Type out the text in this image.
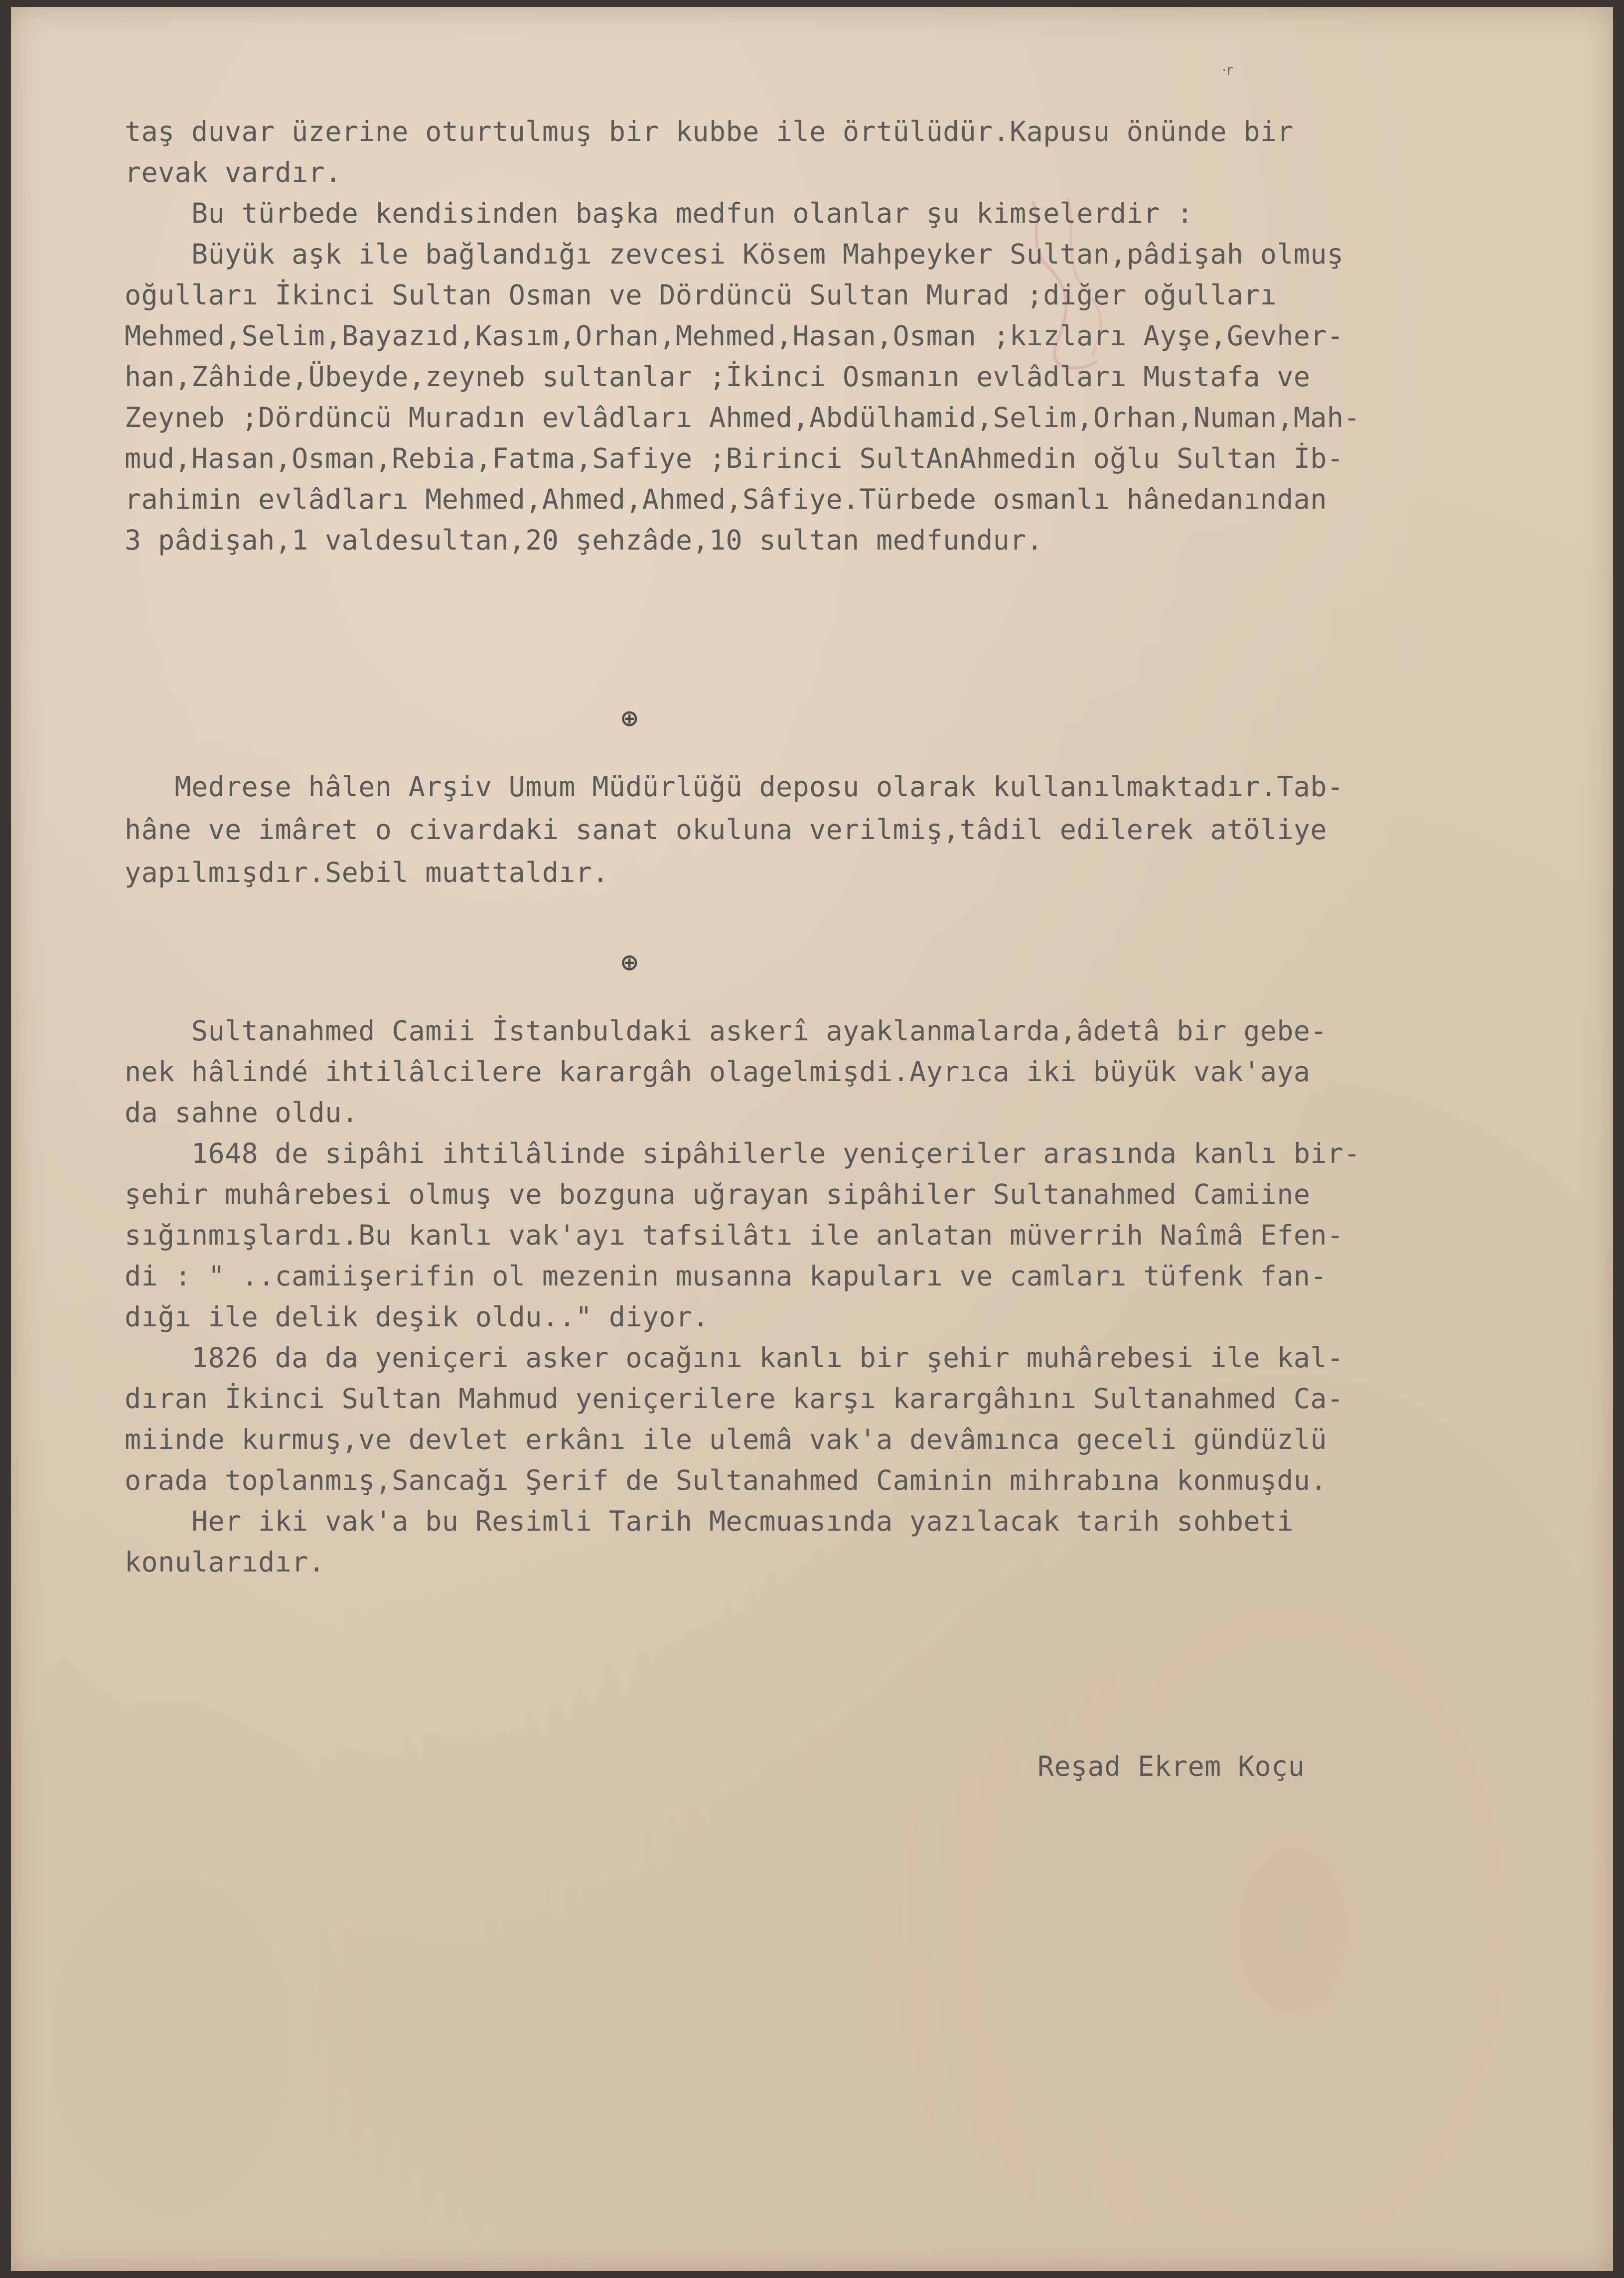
·r
taş duvar üzerine oturtulmuş bir kubbe ile örtülüdür.Kapusu önünde bir
revak vardır.
Bu türbede kendisinden başka medfun olanlar şu kimselerdir :
Büyük aşk ile bağlandığı zevcesi Kösem Mahpeyker Sultan,pâdişah olmuş
oğulları İkinci Sultan Osman ve Dördüncü Sultan Murad ;diğer oğulları
Mehmed,Selim,Bayazıd,Kasım,Orhan,Mehmed,Hasan,Osman ;kızları Ayşe,Gevher-
han,Zâhide,Übeyde,zeyneb sultanlar ;İkinci Osmanın evlâdları Mustafa ve
Zeyneb ;Dördüncü Muradın evlâdları Ahmed,Abdülhamid,Selim,Orhan,Numan,Mah-
mud,Hasan,Osman,Rebia,Fatma,Safiye ;Birinci SultAnAhmedin oğlu Sultan İb-
rahimin evlâdları Mehmed,Ahmed,Ahmed,Sâfiye.Türbede osmanlı hânedanından
3 pâdişah,1 valdesultan,20 şehzâde,10 sultan medfundur.
⊕
Medrese hâlen Arşiv Umum Müdürlüğü deposu olarak kullanılmaktadır.Tab-
hâne ve imâret o civardaki sanat okuluna verilmiş,tâdil edilerek atöliye
yapılmışdır.Sebil muattaldır.
⊕
Sultanahmed Camii İstanbuldaki askerî ayaklanmalarda,âdetâ bir gebe-
nek hâlindé ihtilâlcilere karargâh olagelmişdi.Ayrıca iki büyük vak'aya
da sahne oldu.
1648 de sipâhi ihtilâlinde sipâhilerle yeniçeriler arasında kanlı bir-
şehir muhârebesi olmuş ve bozguna uğrayan sipâhiler Sultanahmed Camiine
sığınmışlardı.Bu kanlı vak'ayı tafsilâtı ile anlatan müverrih Naîmâ Efen-
di : " ..camiişerifin ol mezenin musanna kapuları ve camları tüfenk fan-
dığı ile delik deşik oldu.." diyor.
1826 da da yeniçeri asker ocağını kanlı bir şehir muhârebesi ile kal-
dıran İkinci Sultan Mahmud yeniçerilere karşı karargâhını Sultanahmed Ca-
miinde kurmuş,ve devlet erkânı ile ulemâ vak'a devâmınca geceli gündüzlü
orada toplanmış,Sancağı Şerif de Sultanahmed Caminin mihrabına konmuşdu.
Her iki vak'a bu Resimli Tarih Mecmuasında yazılacak tarih sohbeti
konularıdır.
Reşad Ekrem Koçu
